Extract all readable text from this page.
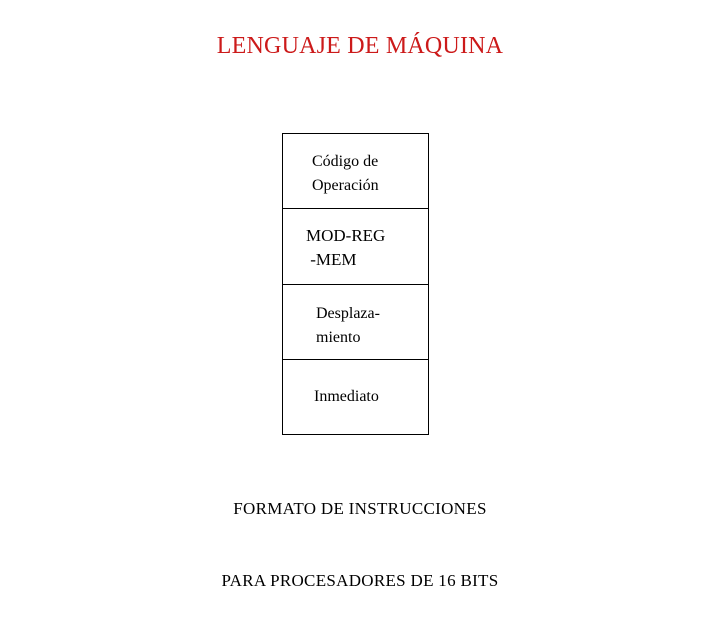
LENGUAJE DE MÁQUINA
Código de
Operación
MOD-REG
-MEM
Desplaza-
miento
Inmediato

FORMATO DE INSTRUCCIONES

PARA PROCESADORES DE 16 BITS
